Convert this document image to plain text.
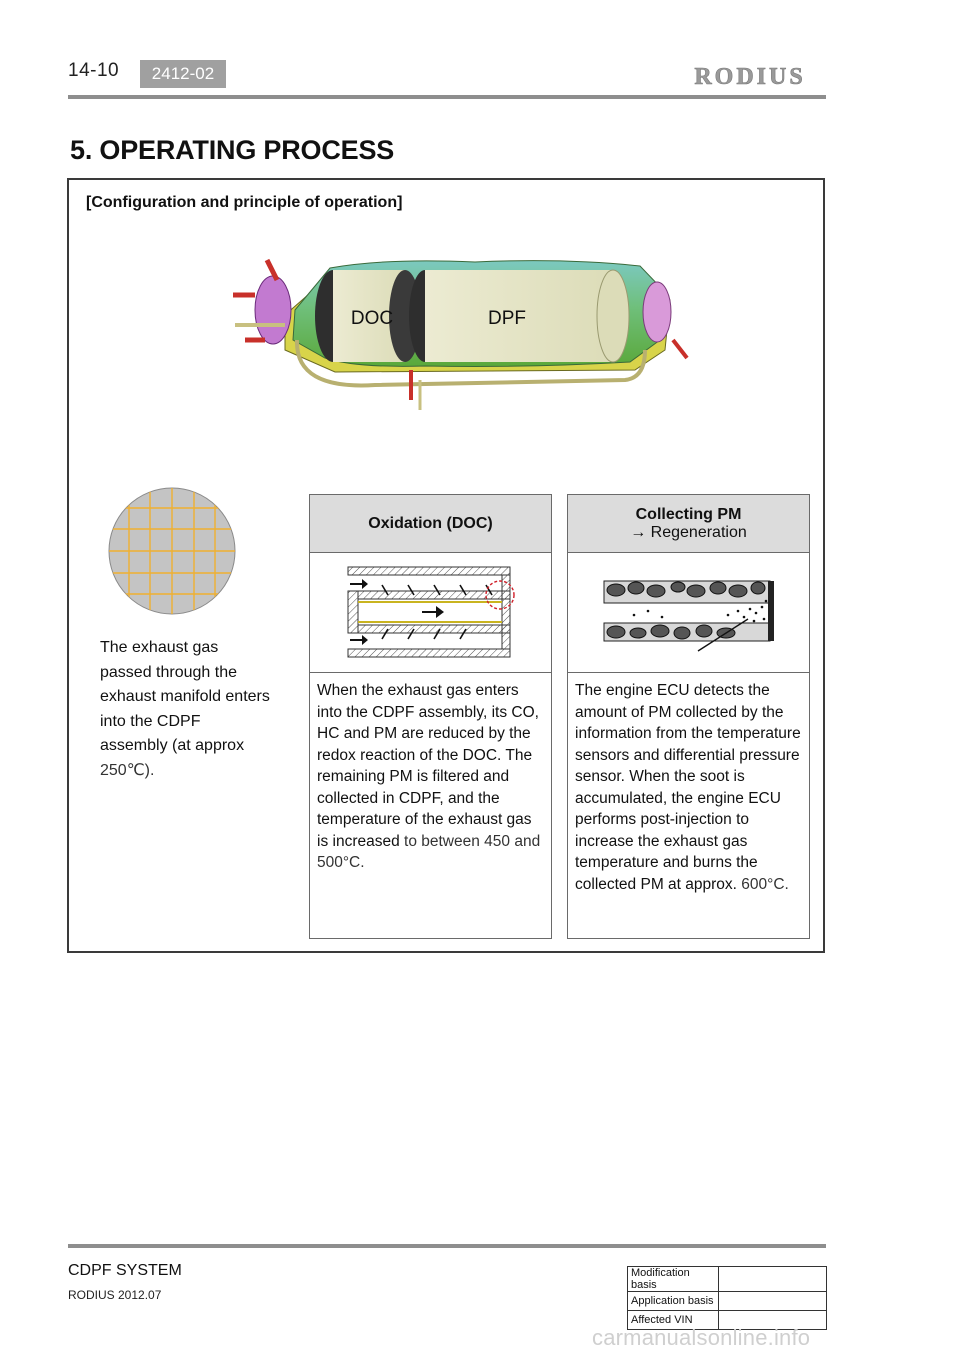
14-10	2412-02	RODIUS
5. OPERATING PROCESS
[Configuration and principle of operation]
DOC	DPF
The exhaust gas passed through the exhaust manifold enters into the CDPF assembly (at approx 250℃).
Oxidation (DOC)
When the exhaust gas enters into the CDPF assembly, its CO, HC and PM are reduced by the redox reaction of the DOC. The remaining PM is filtered and collected in CDPF, and the temperature of the exhaust gas is increased to between 450 and 500°C.
Collecting PM
→ Regeneration
The engine ECU detects the amount of PM collected by the information from the temperature sensors and differential pressure sensor. When the soot is accumulated, the engine ECU performs post-injection to increase the exhaust gas temperature and burns the collected PM at approx. 600°C.
CDPF SYSTEM
RODIUS 2012.07
Modification basis	
Application basis	
Affected VIN	
carmanualsonline.info
